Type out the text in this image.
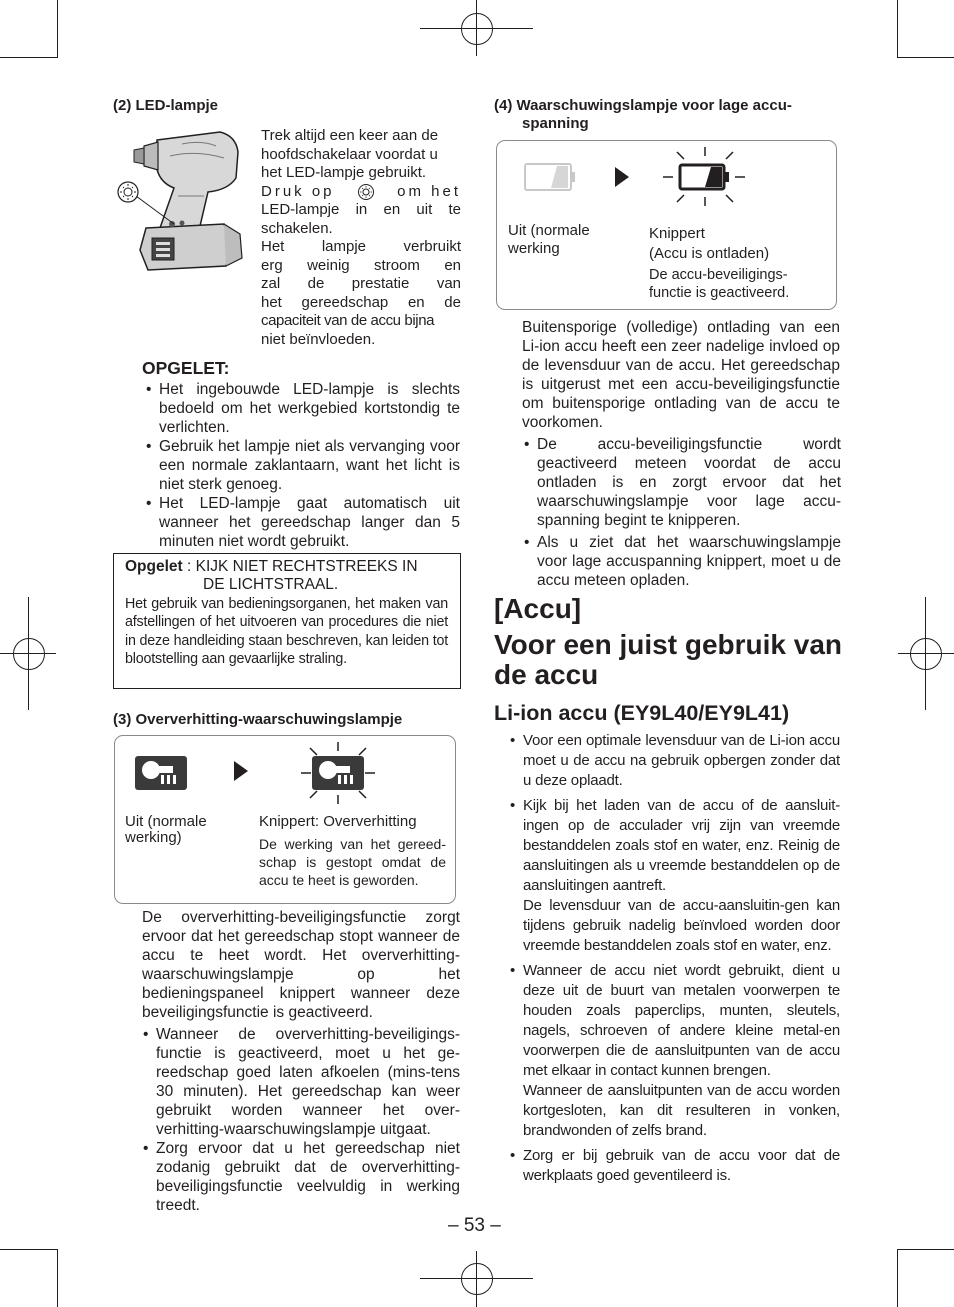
(2) LED-lampje
Trek altijd een keer aan de
hoofdschakelaar voordat u
het LED-lampje gebruikt.
Druk op	om het
LED-lampje in en uit te
schakelen.
Het lampje verbruikt
erg weinig stroom en
zal de prestatie van
het gereedschap en de
capaciteit van de accu bijna
niet beïnvloeden.
OPGELET:
• Het ingebouwde LED-lampje is slechts bedoeld om het werkgebied kortstondig te verlichten.
• Gebruik het lampje niet als vervanging voor een normale zaklantaarn, want het licht is niet sterk genoeg.
• Het LED-lampje gaat automatisch uit wanneer het gereedschap langer dan 5 minuten niet wordt gebruikt.
Opgelet : KIJK NIET RECHTSTREEKS IN
DE LICHTSTRAAL.
Het gebruik van bedieningsorganen, het maken van afstellingen of het uitvoeren van procedures die niet in deze handleiding staan beschreven, kan leiden tot blootstelling aan gevaarlijke straling.
(3) Oververhitting-waarschuwingslampje
Uit (normale werking)
Knippert: Oververhitting
De werking van het gereed-schap is gestopt omdat de accu te heet is geworden.
De oververhitting-beveiligingsfunctie zorgt ervoor dat het gereedschap stopt wanneer de accu te heet wordt. Het oververhitting-waarschuwingslampje op het bedieningspaneel knippert wanneer deze beveiligingsfunctie is geactiveerd.
• Wanneer de oververhitting-beveiligings-functie is geactiveerd, moet u het ge-reedschap goed laten afkoelen (mins-tens 30 minuten). Het gereedschap kan weer gebruikt worden wanneer het over-verhitting-waarschuwingslampje uitgaat.
• Zorg ervoor dat u het gereedschap niet zodanig gebruikt dat de oververhitting-beveiligingsfunctie veelvuldig in werking treedt.
(4) Waarschuwingslampje voor lage accu-
spanning
Uit (normale werking
Knippert
(Accu is ontladen)
De accu-beveiligings-functie is geactiveerd.
Buitensporige (volledige) ontlading van een Li-ion accu heeft een zeer nadelige invloed op de levensduur van de accu. Het gereedschap is uitgerust met een accu-beveiligingsfunctie om buitensporige ontlading van de accu te voorkomen.
• De accu-beveiligingsfunctie wordt geactiveerd meteen voordat de accu ontladen is en zorgt ervoor dat het waarschuwingslampje voor lage accu-spanning begint te knipperen.
• Als u ziet dat het waarschuwingslampje voor lage accuspanning knippert, moet u de accu meteen opladen.
[Accu]
Voor een juist gebruik van de accu
Li-ion accu (EY9L40/EY9L41)
• Voor een optimale levensduur van de Li-ion accu moet u de accu na gebruik opbergen zonder dat u deze oplaadt.
• Kijk bij het laden van de accu of de aansluit-ingen op de acculader vrij zijn van vreemde bestanddelen zoals stof en water, enz. Reinig de aansluitingen als u vreemde bestanddelen op de aansluitingen aantreft.
De levensduur van de accu-aansluitin-gen kan tijdens gebruik nadelig beïnvloed worden door vreemde bestanddelen zoals stof en water, enz.
• Wanneer de accu niet wordt gebruikt, dient u deze uit de buurt van metalen voorwerpen te houden zoals paperclips, munten, sleutels, nagels, schroeven of andere kleine metal-en voorwerpen die de aansluitpunten van de accu met elkaar in contact kunnen brengen.
Wanneer de aansluitpunten van de accu worden kortgesloten, kan dit resulteren in vonken, brandwonden of zelfs brand.
• Zorg er bij gebruik van de accu voor dat de werkplaats goed geventileerd is.
– 53 –
